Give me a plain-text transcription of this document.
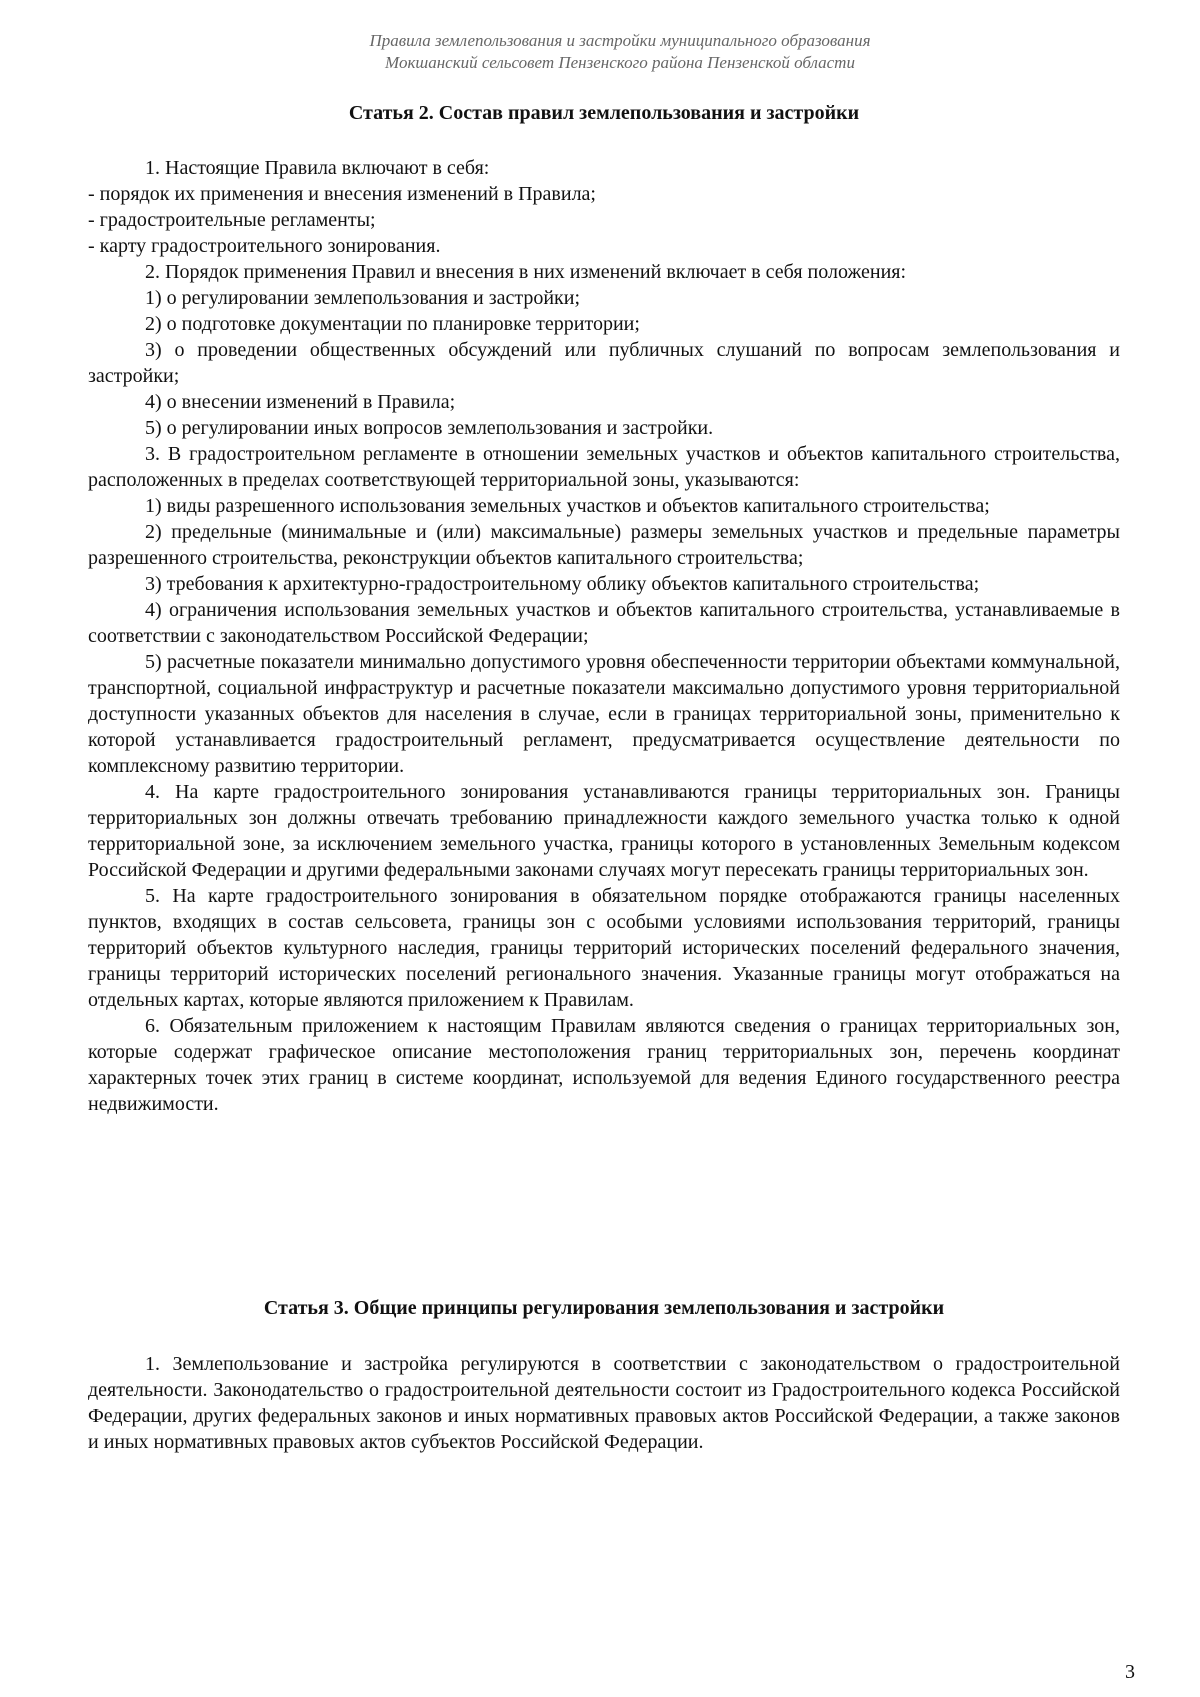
Правила землепользования и застройки муниципального образования
Мокшанский сельсовет Пензенского района Пензенской области
Статья 2. Состав правил землепользования и застройки

1. Настоящие Правила включают в себя:

- порядок их применения и внесения изменений в Правила;

- градостроительные регламенты;

- карту градостроительного зонирования.

2. Порядок применения Правил и внесения в них изменений включает в себя положения:

1) о регулировании землепользования и застройки;

2) о подготовке документации по планировке территории;

3) о проведении общественных обсуждений или публичных слушаний по вопросам землепользования и застройки;

4) о внесении изменений в Правила;

5) о регулировании иных вопросов землепользования и застройки.

3. В градостроительном регламенте в отношении земельных участков и объектов капитального строительства, расположенных в пределах соответствующей территориальной зоны, указываются:

1) виды разрешенного использования земельных участков и объектов капитального строительства;

2) предельные (минимальные и (или) максимальные) размеры земельных участков и предельные параметры разрешенного строительства, реконструкции объектов капитального строительства;

3) требования к архитектурно-градостроительному облику объектов капитального строительства;

4) ограничения использования земельных участков и объектов капитального строительства, устанавливаемые в соответствии с законодательством Российской Федерации;

5) расчетные показатели минимально допустимого уровня обеспеченности территории объектами коммунальной, транспортной, социальной инфраструктур и расчетные показатели максимально допустимого уровня территориальной доступности указанных объектов для населения в случае, если в границах территориальной зоны, применительно к которой устанавливается градостроительный регламент, предусматривается осуществление деятельности по комплексному развитию территории.

4. На карте градостроительного зонирования устанавливаются границы территориальных зон. Границы территориальных зон должны отвечать требованию принадлежности каждого земельного участка только к одной территориальной зоне, за исключением земельного участка, границы которого в установленных Земельным кодексом Российской Федерации и другими федеральными законами случаях могут пересекать границы территориальных зон.

5. На карте градостроительного зонирования в обязательном порядке отображаются границы населенных пунктов, входящих в состав сельсовета, границы зон с особыми условиями использования территорий, границы территорий объектов культурного наследия, границы территорий исторических поселений федерального значения, границы территорий исторических поселений регионального значения. Указанные границы могут отображаться на отдельных картах, которые являются приложением к Правилам.

6. Обязательным приложением к настоящим Правилам являются сведения о границах территориальных зон, которые содержат графическое описание местоположения границ территориальных зон, перечень координат характерных точек этих границ в системе координат, используемой для ведения Единого государственного реестра недвижимости.

Статья 3. Общие принципы регулирования землепользования и застройки

1. Землепользование и застройка регулируются в соответствии с законодательством о градостроительной деятельности. Законодательство о градостроительной деятельности состоит из Градостроительного кодекса Российской Федерации, других федеральных законов и иных нормативных правовых актов Российской Федерации, а также законов и иных нормативных правовых актов субъектов Российской Федерации.

3
